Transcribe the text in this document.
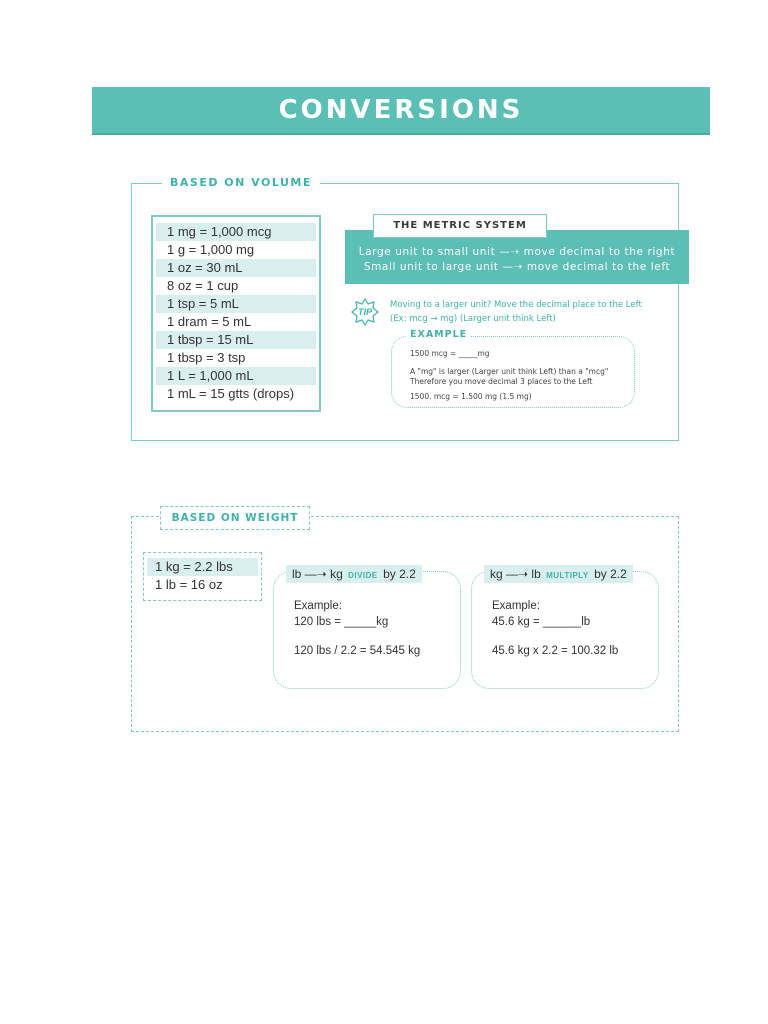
CONVERSIONS
BASED ON VOLUME
1 mg = 1,000 mcg
1 g = 1,000 mg
1 oz = 30 mL
8 oz = 1 cup
1 tsp = 5 mL
1 dram = 5 mL
1 tbsp = 15 mL
1 tbsp = 3 tsp
1 L = 1,000 mL
1 mL = 15 gtts (drops)
THE METRIC SYSTEM
Large unit to small unit —➝ move decimal to the right
Small unit to large unit —➝ move decimal to the left
TIP
Moving to a larger unit? Move the decimal place to the Left
(Ex: mcg → mg) (Larger unit think Left)
EXAMPLE
1500 mcg = _____mg
A "mg" is larger (Larger unit think Left) than a "mcg"
Therefore you move decimal 3 places to the Left
1500. mcg = 1.500 mg (1.5 mg)
BASED ON WEIGHT
1 kg = 2.2 lbs
1 lb = 16 oz
lb —➝ kg DIVIDE by 2.2
Example:
120 lbs = _____kg
120 lbs / 2.2 = 54.545 kg
kg —➝ lb MULTIPLY by 2.2
Example:
45.6 kg = ______lb
45.6 kg x 2.2 = 100.32 lb
